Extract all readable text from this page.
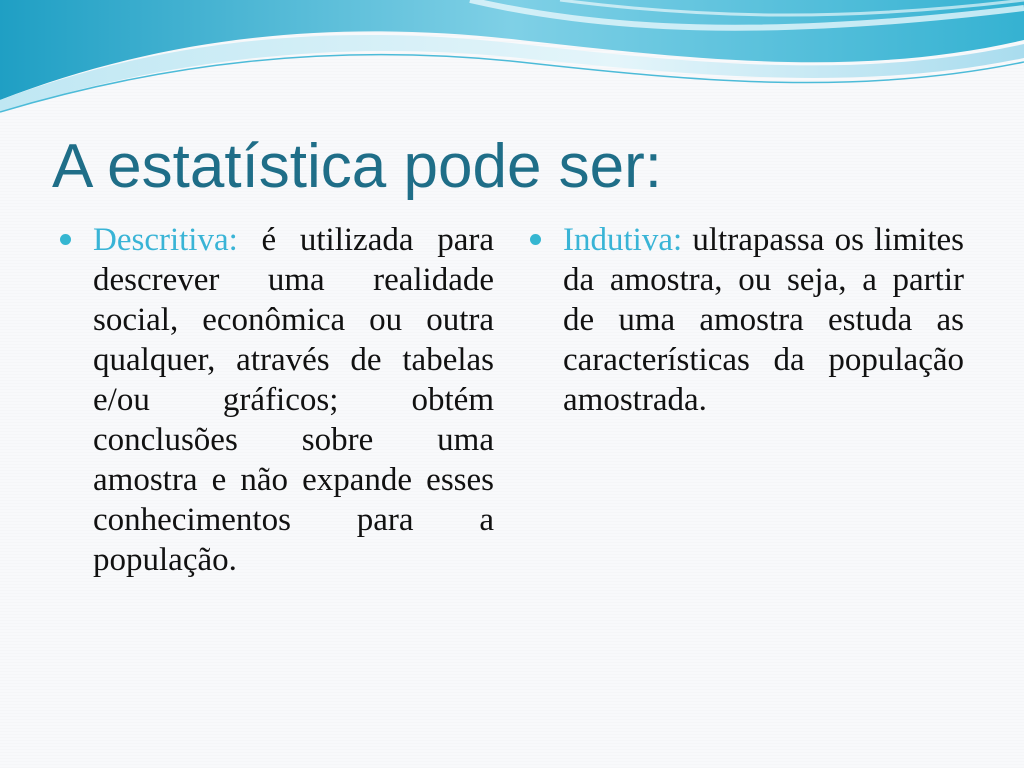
A estatística pode ser:

Descritiva: é utilizada para descrever uma realidade social, econômica ou outra qualquer, através de tabelas e/ou gráficos; obtém conclusões sobre uma amostra e não expande esses conhecimentos para a população.

Indutiva: ultrapassa os limites da amostra, ou seja, a partir de uma amostra estuda as características da população amostrada.
